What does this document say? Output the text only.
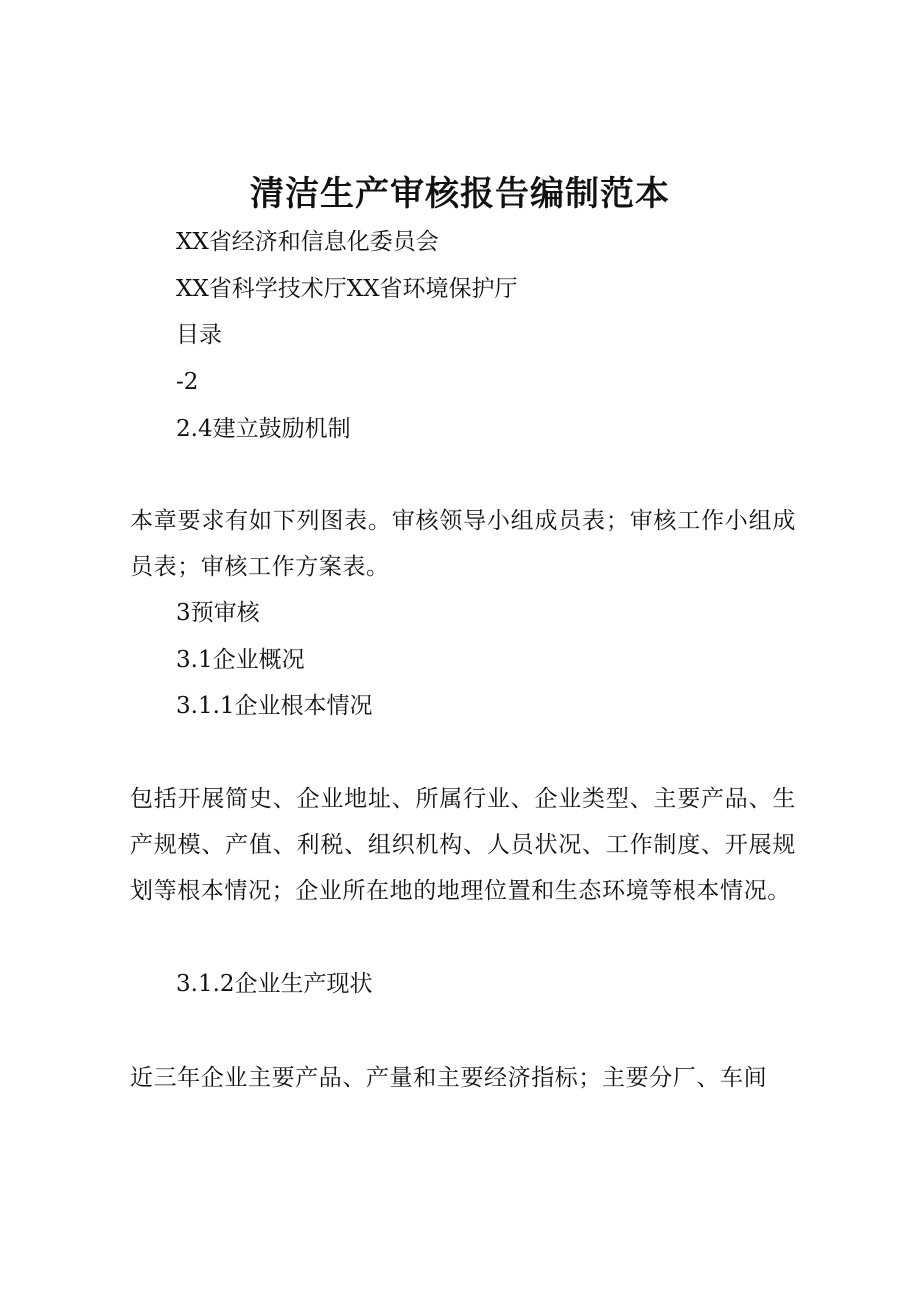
清洁生产审核报告编制范本
XX省经济和信息化委员会
XX省科学技术厅XX省环境保护厅
目录
-2
2.4建立鼓励机制
本章要求有如下列图表。审核领导小组成员表；审核工作小组成员表；审核工作方案表。
3预审核
3.1企业概况
3.1.1企业根本情况
包括开展简史、企业地址、所属行业、企业类型、主要产品、生产规模、产值、利税、组织机构、人员状况、工作制度、开展规划等根本情况；企业所在地的地理位置和生态环境等根本情况。
3.1.2企业生产现状
近三年企业主要产品、产量和主要经济指标；主要分厂、车间
